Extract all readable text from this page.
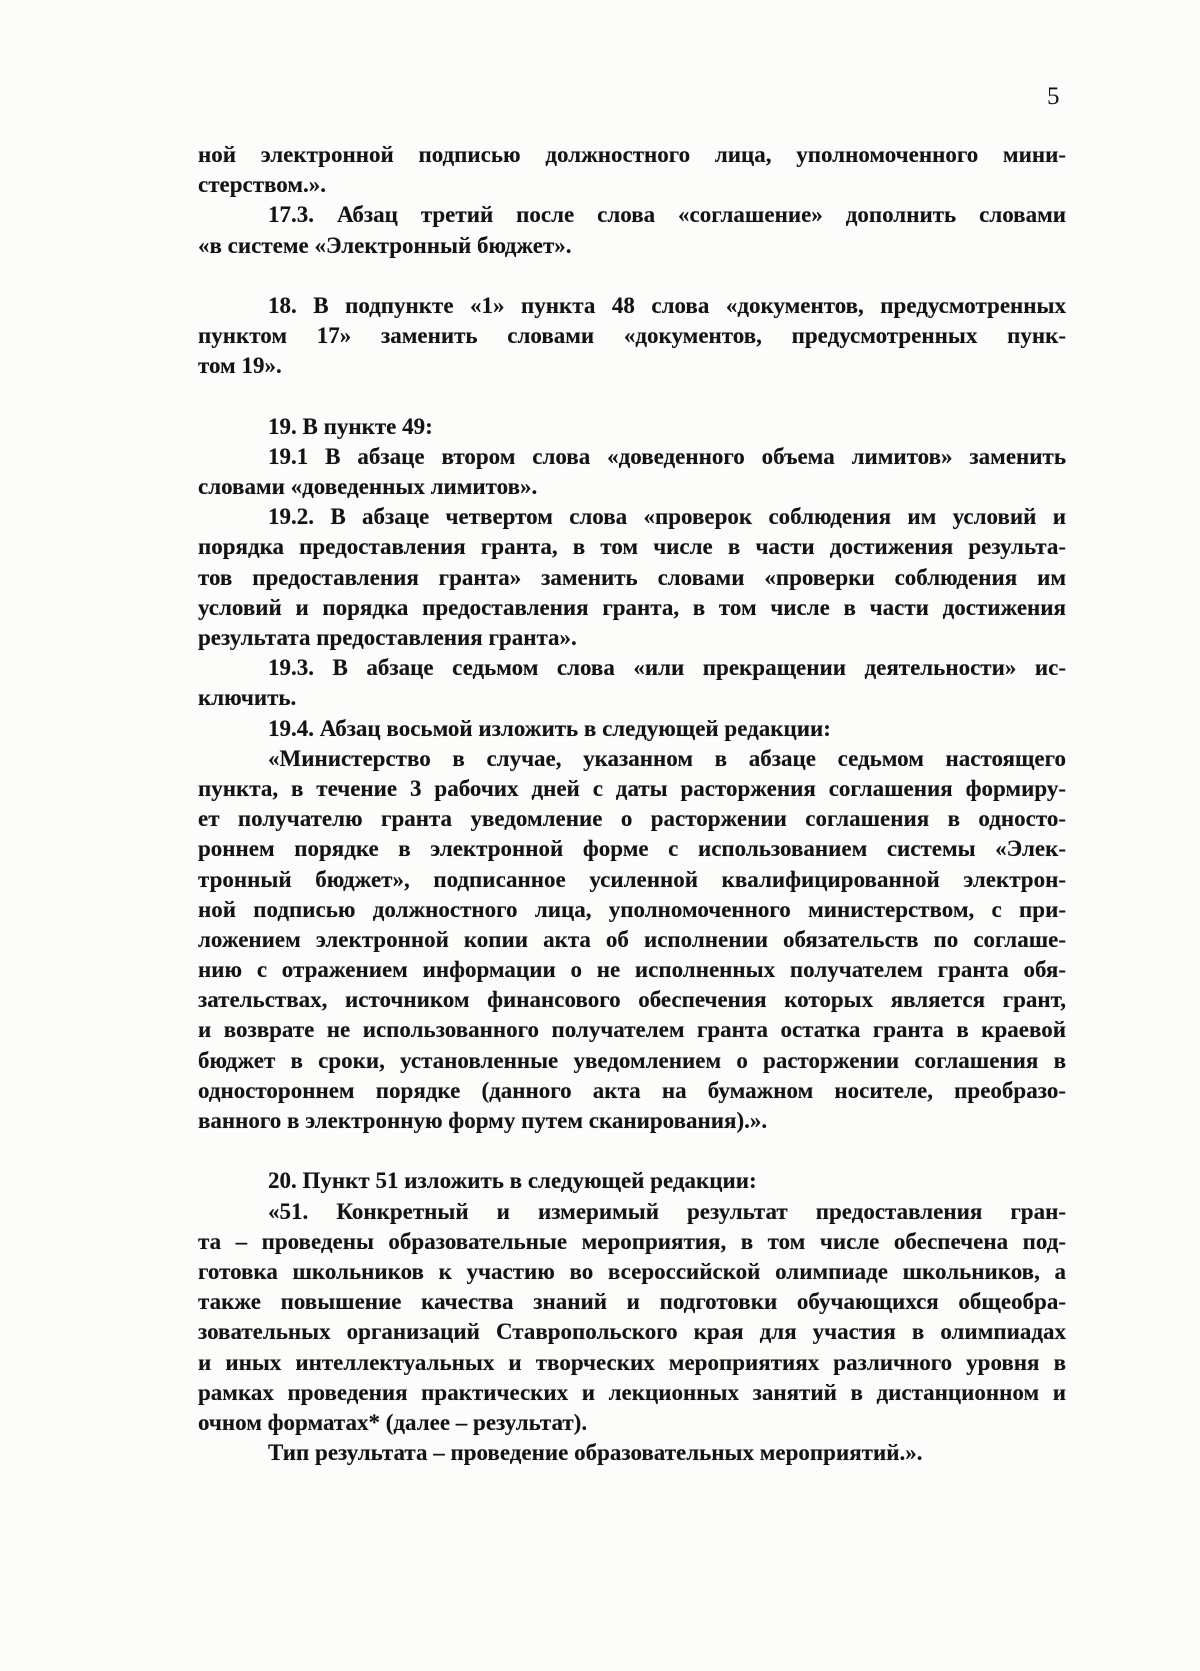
5
ной электронной подписью должностного лица, уполномоченного мини-
стерством.».
17.3. Абзац третий после слова «соглашение» дополнить словами
«в системе «Электронный бюджет».
18. В подпункте «1» пункта 48 слова «документов, предусмотренных
пунктом 17» заменить словами «документов, предусмотренных пунк-
том 19».
19. В пункте 49:
19.1 В абзаце втором слова «доведенного объема лимитов» заменить
словами «доведенных лимитов».
19.2. В абзаце четвертом слова «проверок соблюдения им условий и
порядка предоставления гранта, в том числе в части достижения результа-
тов предоставления гранта» заменить словами «проверки соблюдения им
условий и порядка предоставления гранта, в том числе в части достижения
результата предоставления гранта».
19.3. В абзаце седьмом слова «или прекращении деятельности» ис-
ключить.
19.4. Абзац восьмой изложить в следующей редакции:
«Министерство в случае, указанном в абзаце седьмом настоящего
пункта, в течение 3 рабочих дней с даты расторжения соглашения формиру-
ет получателю гранта уведомление о расторжении соглашения в односто-
роннем порядке в электронной форме с использованием системы «Элек-
тронный бюджет», подписанное усиленной квалифицированной электрон-
ной подписью должностного лица, уполномоченного министерством, с при-
ложением электронной копии акта об исполнении обязательств по соглаше-
нию с отражением информации о не исполненных получателем гранта обя-
зательствах, источником финансового обеспечения которых является грант,
и возврате не использованного получателем гранта остатка гранта в краевой
бюджет в сроки, установленные уведомлением о расторжении соглашения в
одностороннем порядке (данного акта на бумажном носителе, преобразо-
ванного в электронную форму путем сканирования).».
20. Пункт 51 изложить в следующей редакции:
«51. Конкретный и измеримый результат предоставления гран-
та – проведены образовательные мероприятия, в том числе обеспечена под-
готовка школьников к участию во всероссийской олимпиаде школьников, а
также повышение качества знаний и подготовки обучающихся общеобра-
зовательных организаций Ставропольского края для участия в олимпиадах
и иных интеллектуальных и творческих мероприятиях различного уровня в
рамках проведения практических и лекционных занятий в дистанционном и
очном форматах* (далее – результат).
Тип результата – проведение образовательных мероприятий.».
